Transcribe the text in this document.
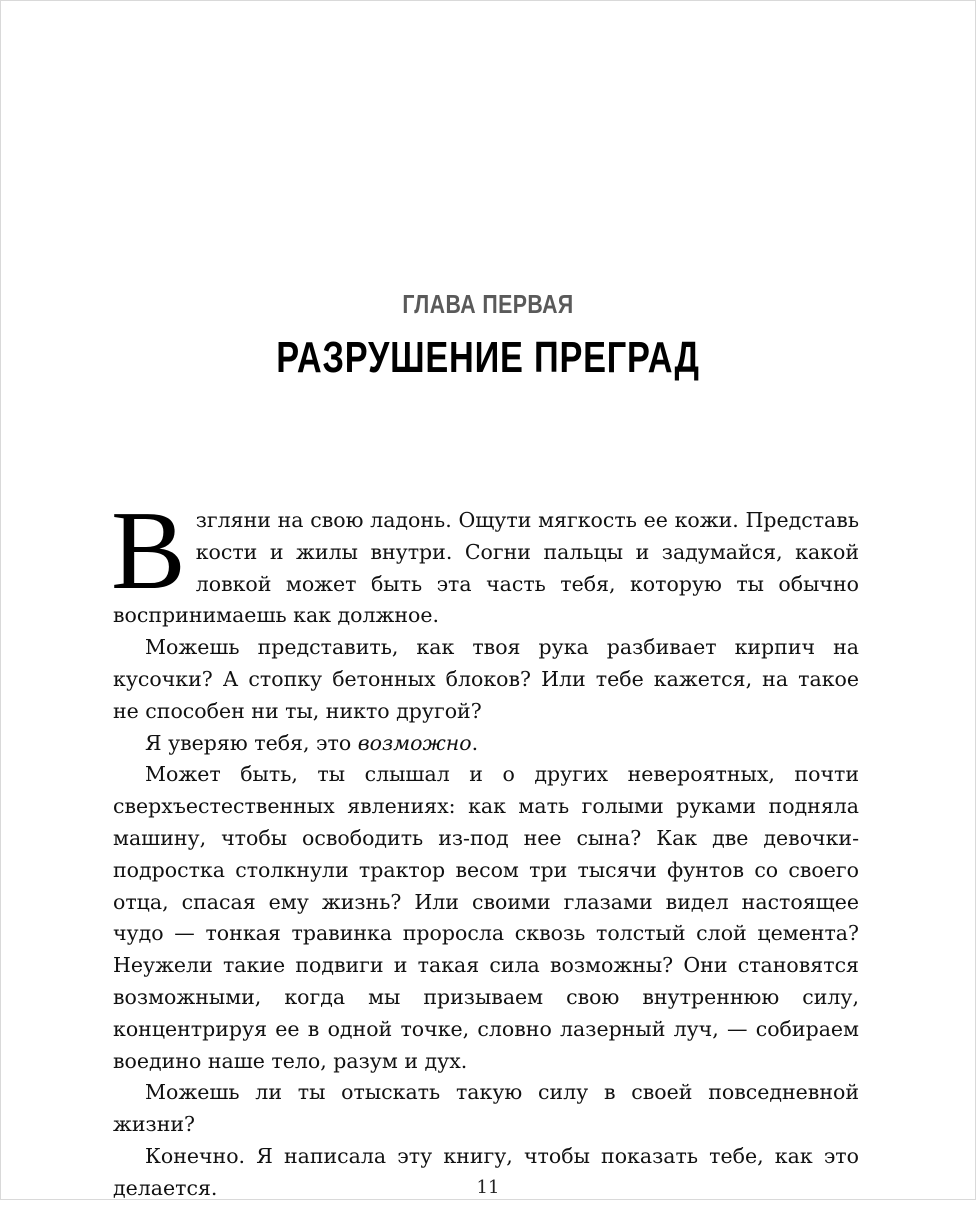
ГЛАВА ПЕРВАЯ
РАЗРУШЕНИЕ ПРЕГРАД

Взгляни на свою ладонь. Ощути мягкость ее кожи. Представь кости и жилы внутри. Согни пальцы и задумайся, какой ловкой может быть эта часть тебя, которую ты обычно воспринимаешь как должное.

Можешь представить, как твоя рука разбивает кирпич на кусочки? А стопку бетонных блоков? Или тебе кажется, на такое не способен ни ты, никто другой?

Я уверяю тебя, это возможно.

Может быть, ты слышал и о других невероятных, почти сверхъестественных явлениях: как мать голыми руками подняла машину, чтобы освободить из-под нее сына? Как две девочки-подростка столкнули трактор весом три тысячи фунтов со своего отца, спасая ему жизнь? Или своими глазами видел настоящее чудо — тонкая травинка проросла сквозь толстый слой цемента? Неужели такие подвиги и такая сила возможны? Они становятся возможными, когда мы призываем свою внутреннюю силу, концентрируя ее в одной точке, словно лазерный луч, — собираем воедино наше тело, разум и дух.

Можешь ли ты отыскать такую силу в своей повседневной жизни?

Конечно. Я написала эту книгу, чтобы показать тебе, как это делается.	11
